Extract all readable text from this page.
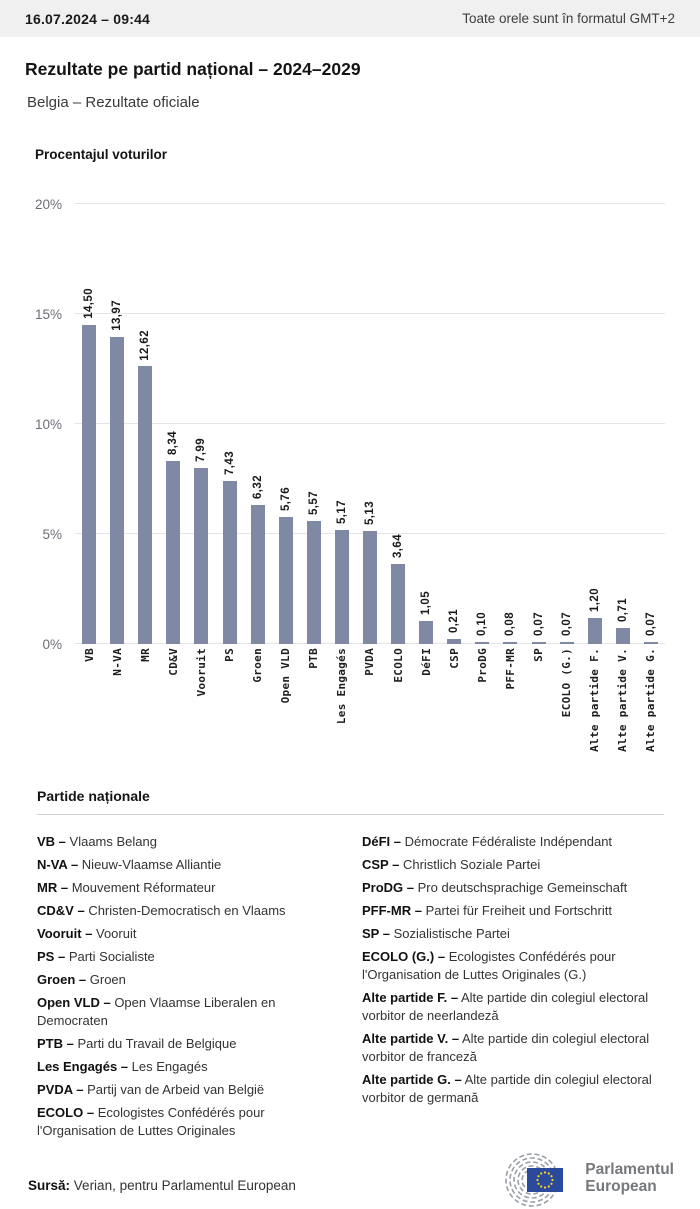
16.07.2024 – 09:44	Toate orele sunt în formatul GMT+2
Rezultate pe partid național – 2024–2029

Belgia – Rezultate oficiale

Procentajul voturilor
20%
15%
10%
5%
0%
14,50 13,97
12,62
8,34 7,99
7,43
6,32
5,76 5,57 5,17 5,13
3,64
1,05
0,21 0,10 0,08 0,07 0,07
1,20 0,71
0,07
VB N-VA MR CD&V Vooruit PS Groen Open VLD PTB Les Engagés PVDA ECOLO DéFI CSP ProDG PFF-MR SP ECOLO (G.) Alte partide F. Alte partide V. Alte partide G.
Partide naționale
VB – Vlaams Belang
N-VA – Nieuw-Vlaamse Alliantie
MR – Mouvement Réformateur
CD&V – Christen-Democratisch en Vlaams
Vooruit – Vooruit
PS – Parti Socialiste
Groen – Groen
Open VLD – Open Vlaamse Liberalen en Democraten
PTB – Parti du Travail de Belgique
Les Engagés – Les Engagés
PVDA – Partij van de Arbeid van België
ECOLO – Ecologistes Confédérés pour l'Organisation de Luttes Originales
DéFI – Démocrate Fédéraliste Indépendant
CSP – Christlich Soziale Partei
ProDG – Pro deutschsprachige Gemeinschaft
PFF-MR – Partei für Freiheit und Fortschritt
SP – Sozialistische Partei
ECOLO (G.) – Ecologistes Confédérés pour l'Organisation de Luttes Originales (G.)
Alte partide F. – Alte partide din colegiul electoral vorbitor de neerlandeză
Alte partide V. – Alte partide din colegiul electoral vorbitor de franceză
Alte partide G. – Alte partide din colegiul electoral vorbitor de germană
Sursă: Verian, pentru Parlamentul European
Parlamentul
European
